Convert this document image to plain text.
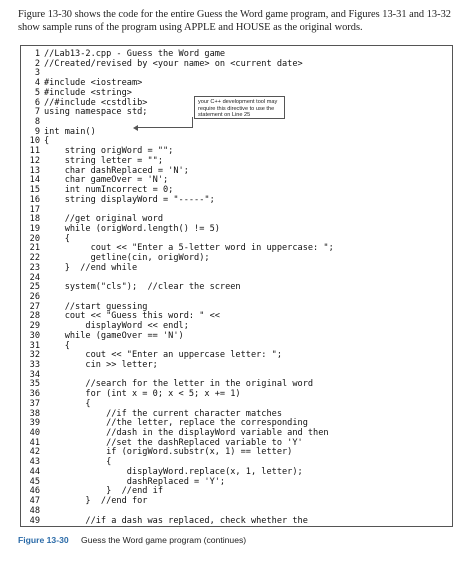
Figure 13-30 shows the code for the entire Guess the Word game program, and Figures 13-31 and 13-32 show sample runs of the program using APPLE and HOUSE as the original words.
1 //Lab13-2.cpp - Guess the Word game
2 //Created/revised by <your name> on <current date>
3
4 #include <iostream>
5 #include <string>
6 //#include <cstdlib>
7 using namespace std;
8
9 int main()
10 {
11    string origWord = "";
12    string letter = "";
13    char dashReplaced = 'N';
14    char gameOver = 'N';
15    int numIncorrect = 0;
16    string displayWord = "-----";
17
18    //get original word
19    while (origWord.length() != 5)
20    {
21         cout << "Enter a 5-letter word in uppercase: ";
22         getline(cin, origWord);
23    }  //end while
24
25    system("cls");  //clear the screen
26
27    //start guessing
28    cout << "Guess this word: " <<
29        displayWord << endl;
30    while (gameOver == 'N')
31    {
32        cout << "Enter an uppercase letter: ";
33        cin >> letter;
34
35        //search for the letter in the original word
36        for (int x = 0; x < 5; x += 1)
37        {
38            //if the current character matches
39            //the letter, replace the corresponding
40            //dash in the displayWord variable and then
41            //set the dashReplaced variable to 'Y'
42            if (origWord.substr(x, 1) == letter)
43            {
44                displayWord.replace(x, 1, letter);
45                dashReplaced = 'Y';
46            }  //end if
47        }  //end for
48
49        //if a dash was replaced, check whether the
your C++ development tool may require this directive to use the statement on Line 25
Figure 13-30 Guess the Word game program (continues)
